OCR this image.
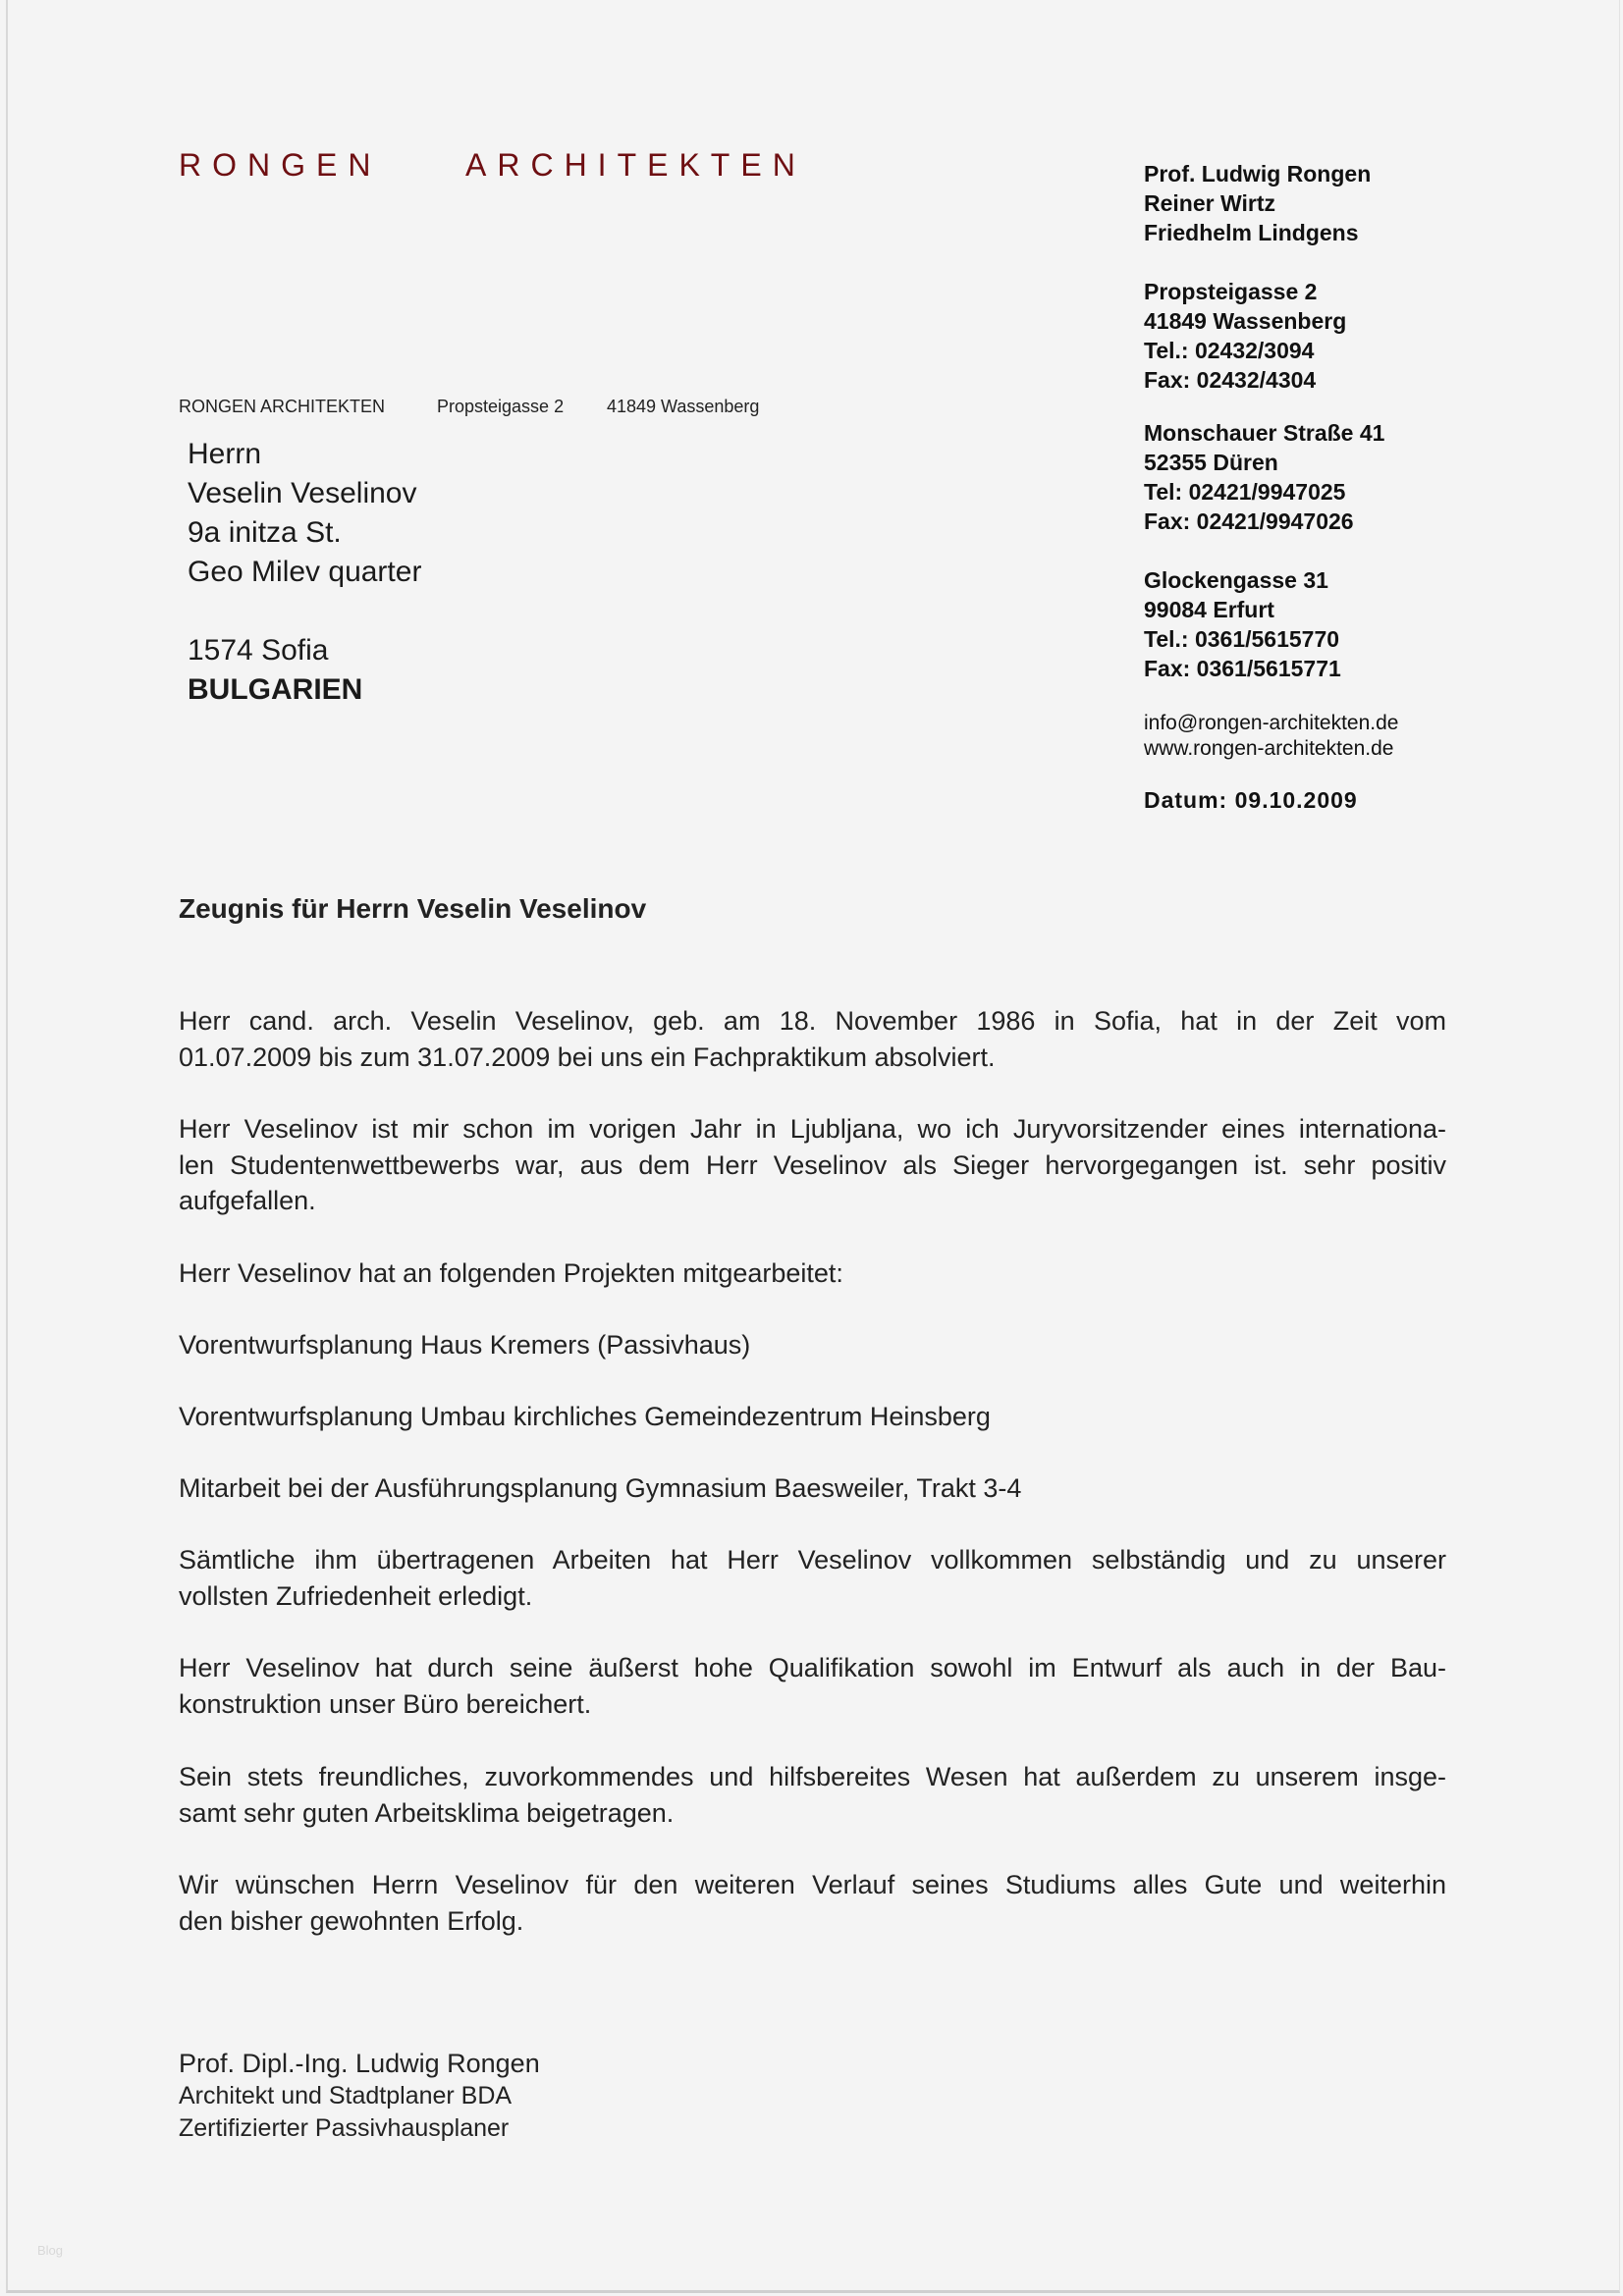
RONGEN	ARCHITEKTEN
RONGEN ARCHITEKTEN	Propsteigasse 2 41849 Wassenberg
Herrn
Veselin Veselinov
9a initza St.
Geo Milev quarter
1574 Sofia
BULGARIEN
Prof. Ludwig Rongen
Reiner Wirtz
Friedhelm Lindgens
Propsteigasse 2
41849 Wassenberg
Tel.: 02432/3094
Fax: 02432/4304
Monschauer Straße 41
52355 Düren
Tel: 02421/9947025
Fax: 02421/9947026
Glockengasse 31
99084 Erfurt
Tel.: 0361/5615770
Fax: 0361/5615771
info@rongen-architekten.de
www.rongen-architekten.de
Datum: 09.10.2009
Zeugnis für Herrn Veselin Veselinov
Herr cand. arch. Veselin Veselinov, geb. am 18. November 1986 in Sofia, hat in der Zeit vom
01.07.2009 bis zum 31.07.2009 bei uns ein Fachpraktikum absolviert.
Herr Veselinov ist mir schon im vorigen Jahr in Ljubljana, wo ich Juryvorsitzender eines internationa-
len Studentenwettbewerbs war, aus dem Herr Veselinov als Sieger hervorgegangen ist. sehr positiv
aufgefallen.
Herr Veselinov hat an folgenden Projekten mitgearbeitet:
Vorentwurfsplanung Haus Kremers (Passivhaus)
Vorentwurfsplanung Umbau kirchliches Gemeindezentrum Heinsberg
Mitarbeit bei der Ausführungsplanung Gymnasium Baesweiler, Trakt 3-4
Sämtliche ihm übertragenen Arbeiten hat Herr Veselinov vollkommen selbständig und zu unserer
vollsten Zufriedenheit erledigt.
Herr Veselinov hat durch seine äußerst hohe Qualifikation sowohl im Entwurf als auch in der Bau-
konstruktion unser Büro bereichert.
Sein stets freundliches, zuvorkommendes und hilfsbereites Wesen hat außerdem zu unserem insge-
samt sehr guten Arbeitsklima beigetragen.
Wir wünschen Herrn Veselinov für den weiteren Verlauf seines Studiums alles Gute und weiterhin
den bisher gewohnten Erfolg.
Prof. Dipl.-Ing. Ludwig Rongen
Architekt und Stadtplaner BDA
Zertifizierter Passivhausplaner
Blog
